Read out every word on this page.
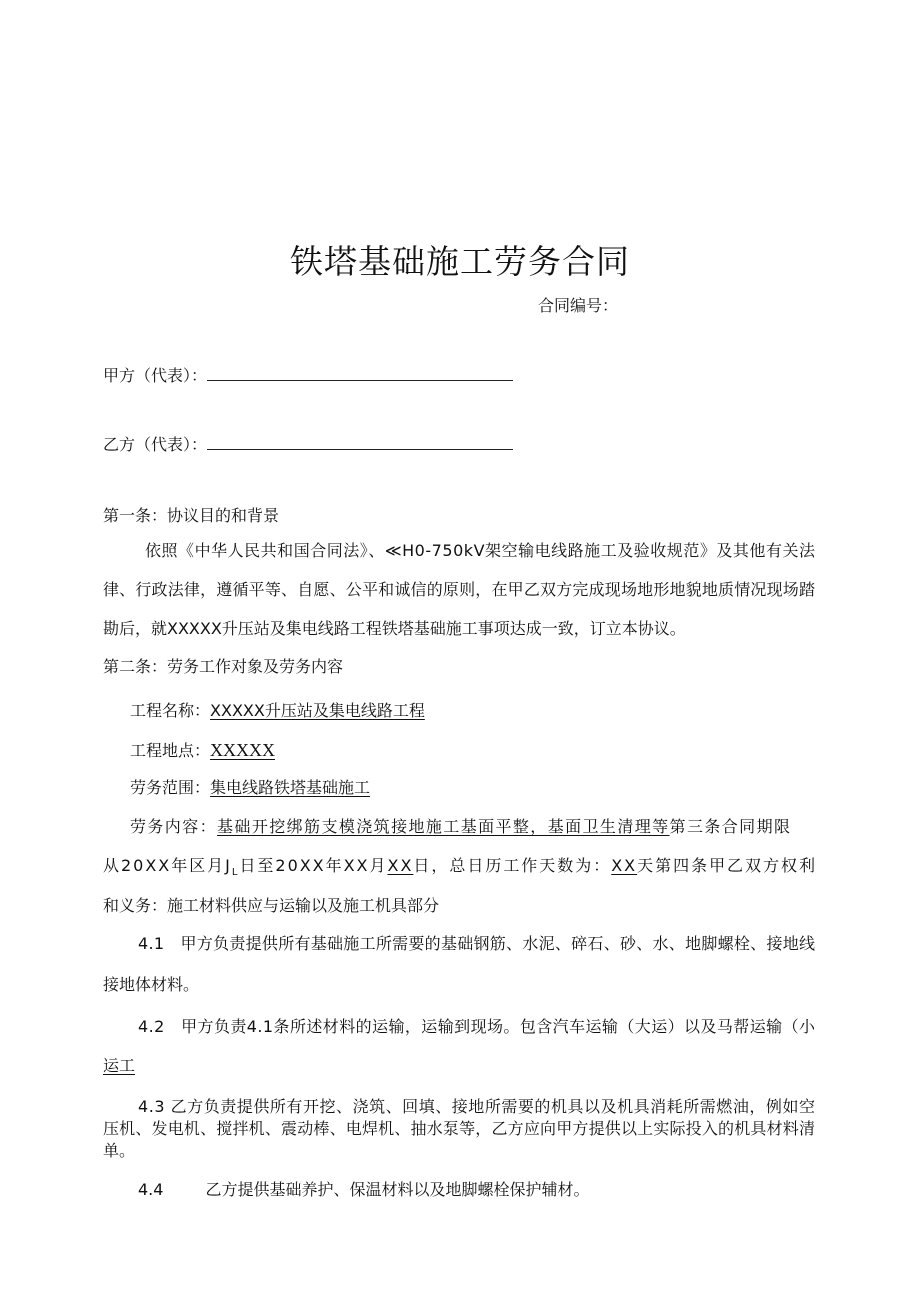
铁塔基础施工劳务合同
合同编号：
甲方（代表）：
乙方（代表）：
第一条：协议目的和背景
依照《中华人民共和国合同法》、≪H0-750kV架空输电线路施工及验收规范》及其他有关法
律、行政法律，遵循平等、自愿、公平和诚信的原则，在甲乙双方完成现场地形地貌地质情况现场踏
勘后，就XXXXX升压站及集电线路工程铁塔基础施工事项达成一致，订立本协议。
第二条：劳务工作对象及劳务内容
工程名称：XXXXX升压站及集电线路工程
工程地点：XXXXX
劳务范围：集电线路铁塔基础施工
劳务内容：基础开挖绑筋支模浇筑接地施工基面平整，基面卫生清理等第三条合同期限
从20XX年区月$J_L$日至20XX年XX月XX日，总日历工作天数为：XX天第四条甲乙双方权利
和义务：施工材料供应与运输以及施工机具部分
4.1　甲方负责提供所有基础施工所需要的基础钢筋、水泥、碎石、砂、水、地脚螺栓、接地线
接地体材料。
4.2　甲方负责4.1条所述材料的运输，运输到现场。包含汽车运输（大运）以及马帮运输（小
运工
4.3 乙方负责提供所有开挖、浇筑、回填、接地所需要的机具以及机具消耗所需燃油，例如空
压机、发电机、搅拌机、震动棒、电焊机、抽水泵等，乙方应向甲方提供以上实际投入的机具材料清
单。
4.4	乙方提供基础养护、保温材料以及地脚螺栓保护辅材。
